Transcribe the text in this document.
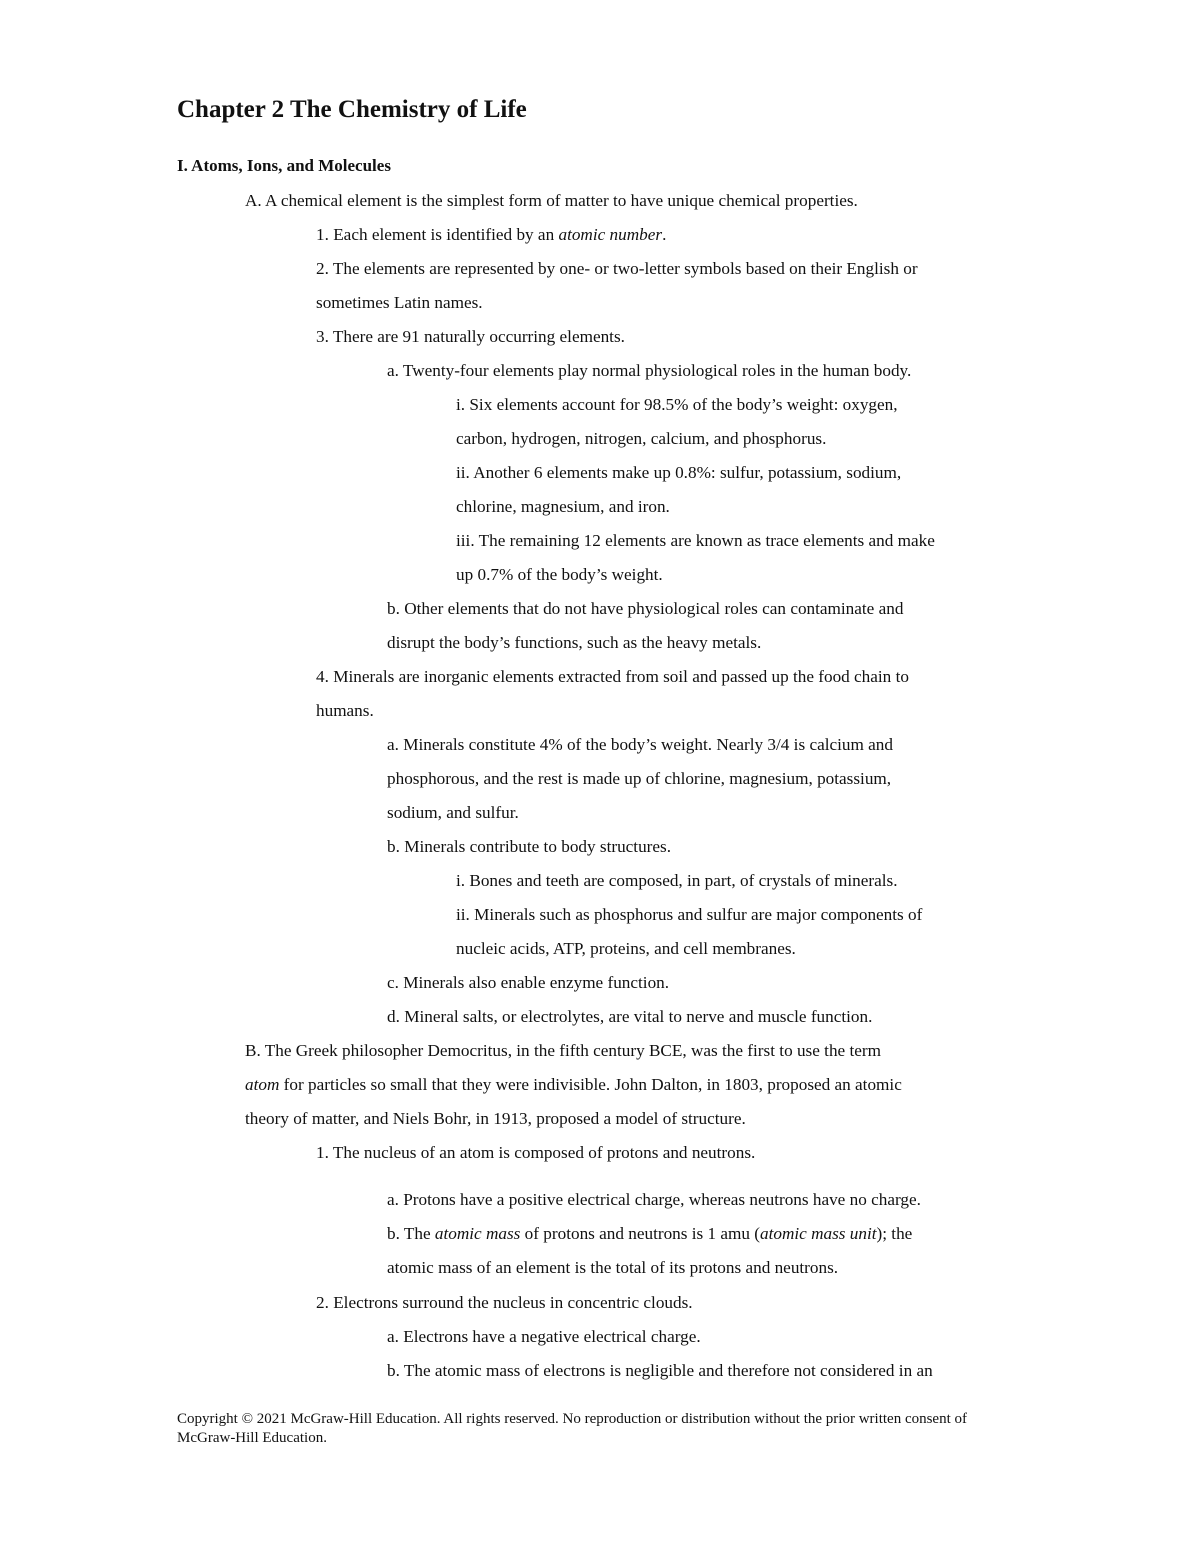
Chapter 2 The Chemistry of Life
I. Atoms, Ions, and Molecules

A. A chemical element is the simplest form of matter to have unique chemical properties.

1. Each element is identified by an atomic number.

2. The elements are represented by one- or two-letter symbols based on their English or

sometimes Latin names.

3. There are 91 naturally occurring elements.

a. Twenty-four elements play normal physiological roles in the human body.

i. Six elements account for 98.5% of the body’s weight: oxygen,

carbon, hydrogen, nitrogen, calcium, and phosphorus.

ii. Another 6 elements make up 0.8%: sulfur, potassium, sodium,

chlorine, magnesium, and iron.

iii. The remaining 12 elements are known as trace elements and make

up 0.7% of the body’s weight.

b. Other elements that do not have physiological roles can contaminate and

disrupt the body’s functions, such as the heavy metals.

4. Minerals are inorganic elements extracted from soil and passed up the food chain to

humans.

a. Minerals constitute 4% of the body’s weight. Nearly 3/4 is calcium and

phosphorous, and the rest is made up of chlorine, magnesium, potassium,

sodium, and sulfur.

b. Minerals contribute to body structures.

i. Bones and teeth are composed, in part, of crystals of minerals.

ii. Minerals such as phosphorus and sulfur are major components of

nucleic acids, ATP, proteins, and cell membranes.

c. Minerals also enable enzyme function.

d. Mineral salts, or electrolytes, are vital to nerve and muscle function.

B. The Greek philosopher Democritus, in the fifth century BCE, was the first to use the term

atom for particles so small that they were indivisible. John Dalton, in 1803, proposed an atomic

theory of matter, and Niels Bohr, in 1913, proposed a model of structure.

1. The nucleus of an atom is composed of protons and neutrons.

a. Protons have a positive electrical charge, whereas neutrons have no charge.

b. The atomic mass of protons and neutrons is 1 amu (atomic mass unit); the

atomic mass of an element is the total of its protons and neutrons.

2. Electrons surround the nucleus in concentric clouds.

a. Electrons have a negative electrical charge.

b. The atomic mass of electrons is negligible and therefore not considered in an

Copyright © 2021 McGraw-Hill Education. All rights reserved. No reproduction or distribution without the prior written consent of McGraw-Hill Education.
